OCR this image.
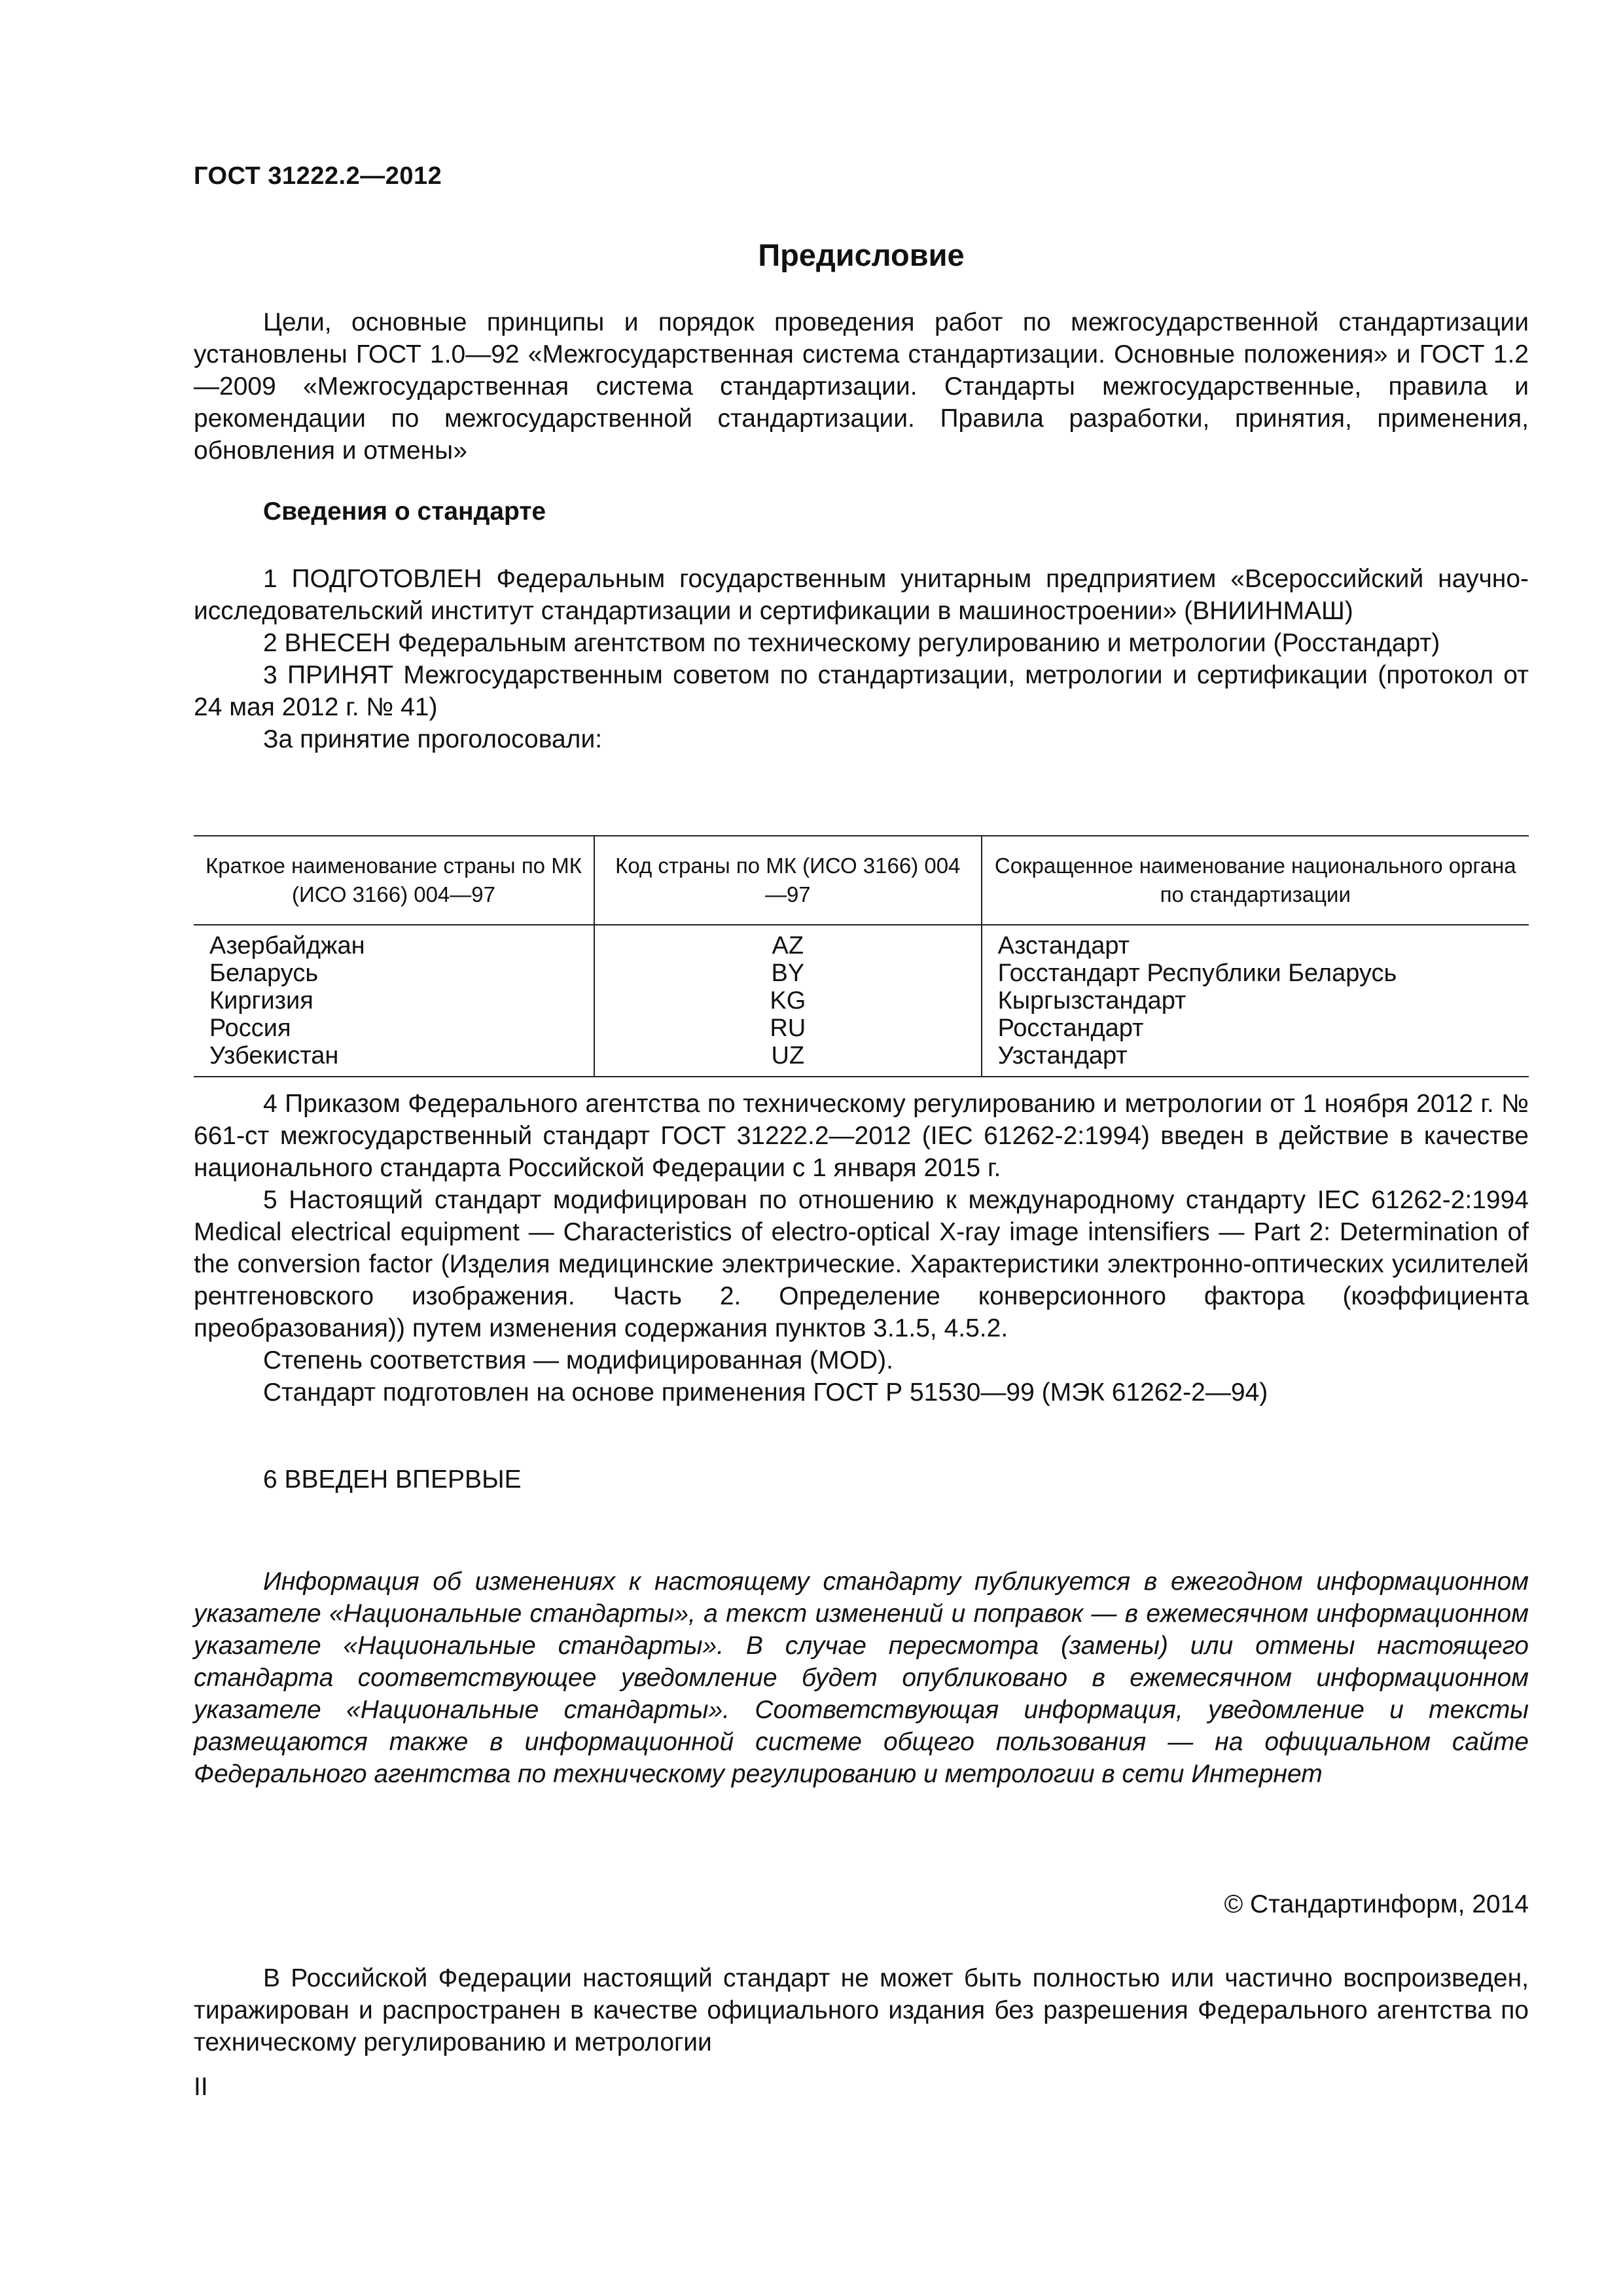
ГОСТ 31222.2—2012
Предисловие

Цели, основные принципы и порядок проведения работ по межгосударственной стандартизации установлены ГОСТ 1.0—92 «Межгосударственная система стандартизации. Основные положения» и ГОСТ 1.2—2009 «Межгосударственная система стандартизации. Стандарты межгосударственные, правила и рекомендации по межгосударственной стандартизации. Правила разработки, принятия, применения, обновления и отмены»

Сведения о стандарте

1 ПОДГОТОВЛЕН Федеральным государственным унитарным предприятием «Всероссийский научно-исследовательский институт стандартизации и сертификации в машиностроении» (ВНИИНМАШ)

2 ВНЕСЕН Федеральным агентством по техническому регулированию и метрологии (Росстандарт)

3 ПРИНЯТ Межгосударственным советом по стандартизации, метрологии и сертификации (протокол от 24 мая 2012 г. № 41)

За принятие проголосовали:

Краткое наименование страны по МК (ИСО 3166) 004—97	Код страны по МК (ИСО 3166) 004—97	Сокращенное наименование национального органа по стандартизации
Азербайджан	AZ	Азстандарт
Беларусь	BY	Госстандарт Республики Беларусь
Киргизия	KG	Кыргызстандарт
Россия	RU	Росстандарт
Узбекистан	UZ	Узстандарт

4 Приказом Федерального агентства по техническому регулированию и метрологии от 1 ноября 2012 г. № 661-ст межгосударственный стандарт ГОСТ 31222.2—2012 (IEC 61262-2:1994) введен в действие в качестве национального стандарта Российской Федерации с 1 января 2015 г.

5 Настоящий стандарт модифицирован по отношению к международному стандарту IEC 61262-2:1994 Medical electrical equipment — Characteristics of electro-optical X-ray image intensifiers — Part 2: Determination of the conversion factor (Изделия медицинские электрические. Характеристики электронно-оптических усилителей рентгеновского изображения. Часть 2. Определение конверсионного фактора (коэффициента преобразования)) путем изменения содержания пунктов 3.1.5, 4.5.2.

Степень соответствия — модифицированная (MOD).

Стандарт подготовлен на основе применения ГОСТ Р 51530—99 (МЭК 61262-2—94)

6 ВВЕДЕН ВПЕРВЫЕ

Информация об изменениях к настоящему стандарту публикуется в ежегодном информационном указателе «Национальные стандарты», а текст изменений и поправок — в ежемесячном информационном указателе «Национальные стандарты». В случае пересмотра (замены) или отмены настоящего стандарта соответствующее уведомление будет опубликовано в ежемесячном информационном указателе «Национальные стандарты». Соответствующая информация, уведомление и тексты размещаются также в информационной системе общего пользования — на официальном сайте Федерального агентства по техническому регулированию и метрологии в сети Интернет

© Стандартинформ, 2014

В Российской Федерации настоящий стандарт не может быть полностью или частично воспроизведен, тиражирован и распространен в качестве официального издания без разрешения Федерального агентства по техническому регулированию и метрологии

II
